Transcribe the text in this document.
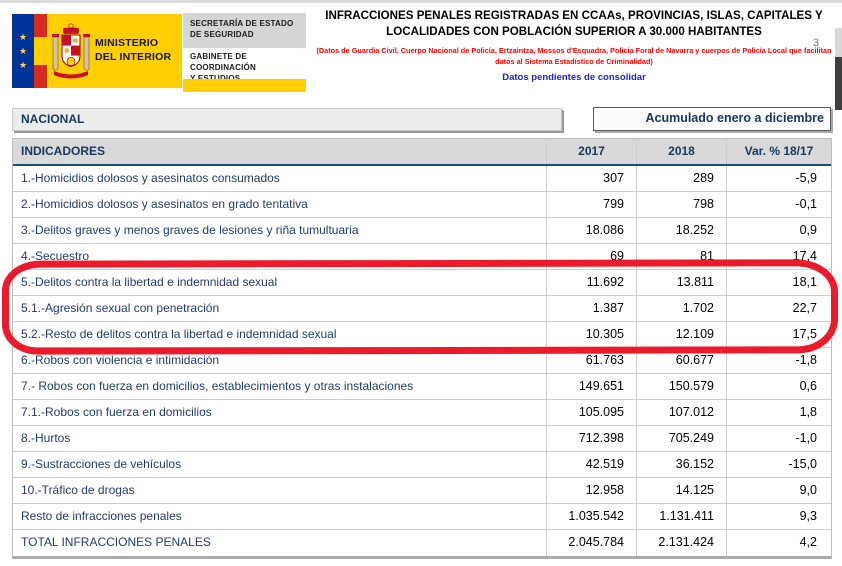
★
★
★
MINISTERIO
DEL INTERIOR
SECRETARÍA DE ESTADO
DE SEGURIDAD
GABINETE DE COORDINACIÓN
INFRACCIONES PENALES REGISTRADAS EN CCAAs, PROVINCIAS, ISLAS, CAPITALES Y LOCALIDADES CON POBLACIÓN SUPERIOR A 30.000 HABITANTES
(Datos de Guardia Civil, Cuerpo Nacional de Policía, Ertzaintza, Mossos d'Esquadra, Policía Foral de Navarra y cuerpos de Policía Local que facilitan datos al Sistema Estadístico de Criminalidad)
Datos pendientes de consolidar
3
NACIONAL	Acumulado enero a diciembre
INDICADORES	2017	2018	Var. % 18/17
1.-Homicidios dolosos y asesinatos consumados	307	289	-5,9
2.-Homicidios dolosos y asesinatos en grado tentativa	799	798	-0,1
3.-Delitos graves y menos graves de lesiones y riña tumultuaria	18.086	18.252	0,9
4.-Secuestro	69	81	17,4
5.-Delitos contra la libertad e indemnidad sexual	11.692	13.811	18,1
5.1.-Agresión sexual con penetración	1.387	1.702	22,7
5.2.-Resto de delitos contra la libertad e indemnidad sexual	10.305	12.109	17,5
6.-Robos con violencia e intimidación	61.763	60.677	-1,8
7.- Robos con fuerza en domicilios, establecimientos y otras instalaciones	149.651	150.579	0,6
7.1.-Robos con fuerza en domicilios	105.095	107.012	1,8
8.-Hurtos	712.398	705.249	-1,0
9.-Sustracciones de vehículos	42.519	36.152	-15,0
10.-Tráfico de drogas	12.958	14.125	9,0
Resto de infracciones penales	1.035.542	1.131.411	9,3
TOTAL INFRACCIONES PENALES	2.045.784	2.131.424	4,2
